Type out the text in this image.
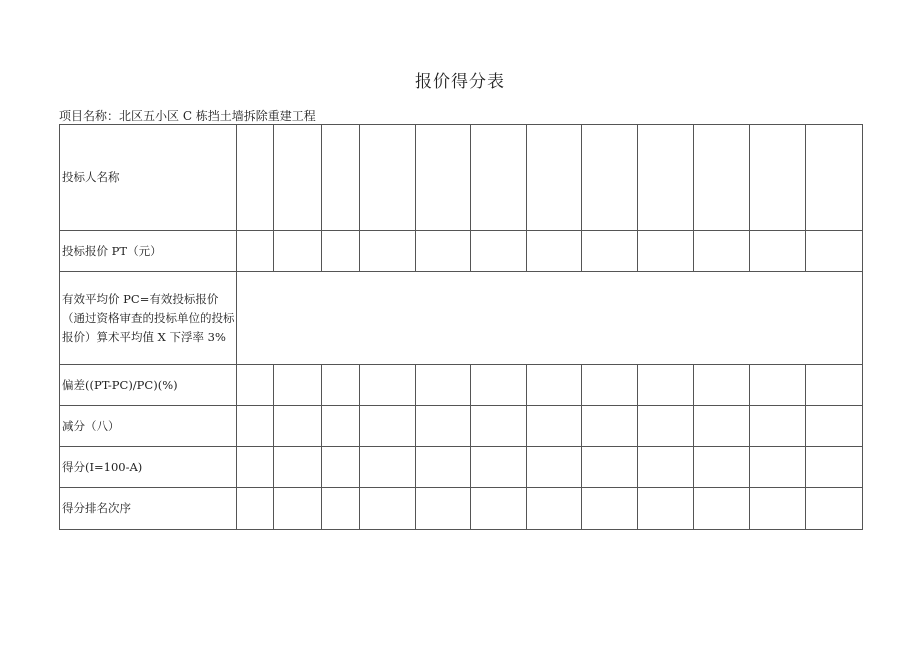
报价得分表
项目名称：北区五小区 C 栋挡土墙拆除重建工程
投标人名称												
投标报价 PT（元）												
有效平均价 PC=有效投标报价（通过资格审查的投标单位的投标报价）算术平均值 X 下浮率 3%												
偏差((PT-PC)/PC)(%)												
减分（八）												
得分(I=100-A)												
得分排名次序												
